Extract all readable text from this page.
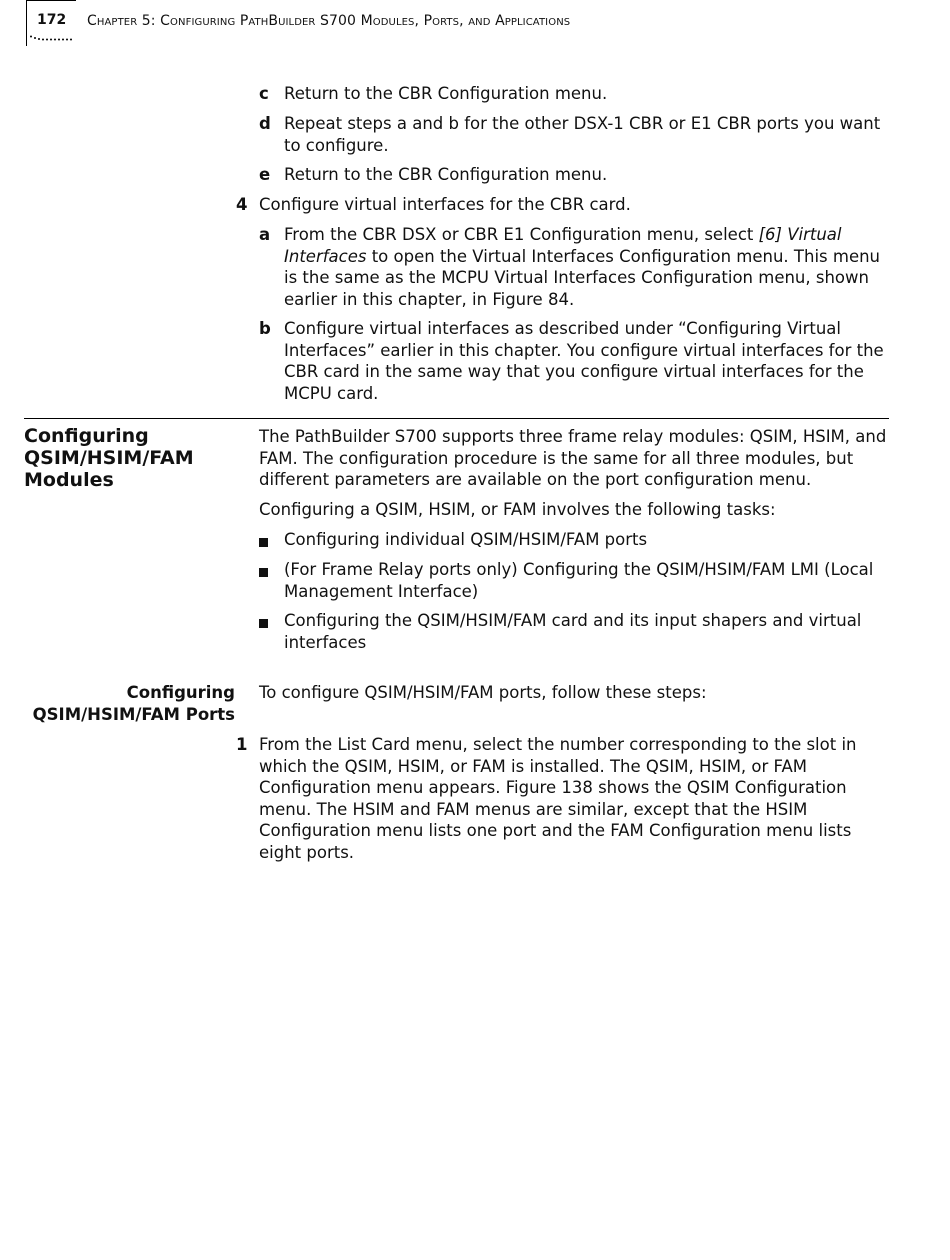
172 Chapter 5: Configuring PathBuilder S700 Modules, Ports, and Applications
c Return to the CBR Configuration menu.
d Repeat steps a and b for the other DSX-1 CBR or E1 CBR ports you want to configure.
e Return to the CBR Configuration menu.
4 Configure virtual interfaces for the CBR card.
a From the CBR DSX or CBR E1 Configuration menu, select [6] Virtual Interfaces to open the Virtual Interfaces Configuration menu. This menu is the same as the MCPU Virtual Interfaces Configuration menu, shown earlier in this chapter, in Figure 84.
b Configure virtual interfaces as described under “Configuring Virtual Interfaces” earlier in this chapter. You configure virtual interfaces for the CBR card in the same way that you configure virtual interfaces for the MCPU card.
Configuring
QSIM/HSIM/FAM
Modules
The PathBuilder S700 supports three frame relay modules: QSIM, HSIM, and FAM. The configuration procedure is the same for all three modules, but different parameters are available on the port configuration menu.
Configuring a QSIM, HSIM, or FAM involves the following tasks:
Configuring individual QSIM/HSIM/FAM ports
(For Frame Relay ports only) Configuring the QSIM/HSIM/FAM LMI (Local Management Interface)
Configuring the QSIM/HSIM/FAM card and its input shapers and virtual interfaces
Configuring
QSIM/HSIM/FAM Ports
To configure QSIM/HSIM/FAM ports, follow these steps:
1 From the List Card menu, select the number corresponding to the slot in which the QSIM, HSIM, or FAM is installed. The QSIM, HSIM, or FAM Configuration menu appears. Figure 138 shows the QSIM Configuration menu. The HSIM and FAM menus are similar, except that the HSIM Configuration menu lists one port and the FAM Configuration menu lists eight ports.
